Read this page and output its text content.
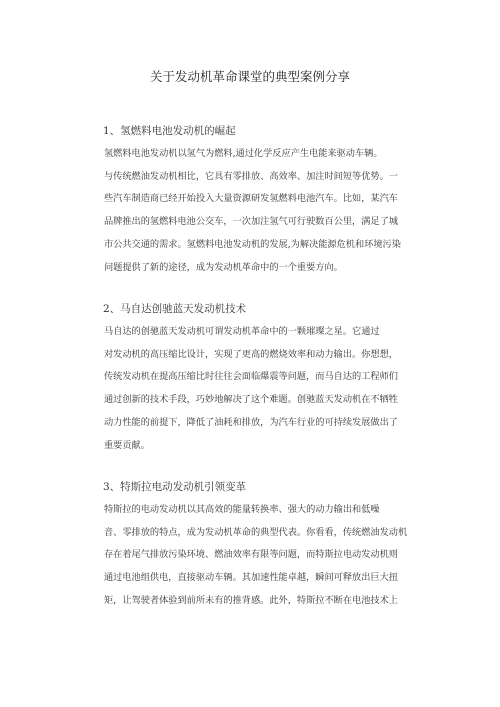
关于发动机革命课堂的典型案例分享
1、氢燃料电池发动机的崛起
氢燃料电池发动机以氢气为燃料,通过化学反应产生电能来驱动车辆。
与传统燃油发动机相比，它具有零排放、高效率、加注时间短等优势。一
些汽车制造商已经开始投入大量资源研发氢燃料电池汽车。比如，某汽车
品牌推出的氢燃料电池公交车，一次加注氢气可行驶数百公里，满足了城
市公共交通的需求。氢燃料电池发动机的发展,为解决能源危机和环境污染
问题提供了新的途径，成为发动机革命中的一个重要方向。
2、马自达创驰蓝天发动机技术
马自达的创驰蓝天发动机可谓发动机革命中的一颗璀璨之星。它通过
对发动机的高压缩比设计，实现了更高的燃烧效率和动力输出。你想想，
传统发动机在提高压缩比时往往会面临爆震等问题，而马自达的工程师们
通过创新的技术手段，巧妙地解决了这个难题。创驰蓝天发动机在不牺牲
动力性能的前提下，降低了油耗和排放，为汽车行业的可持续发展做出了
重要贡献。
3、特斯拉电动发动机引领变革
特斯拉的电动发动机以其高效的能量转换率、强大的动力输出和低噪
音、零排放的特点，成为发动机革命的典型代表。你看看，传统燃油发动机
存在着尾气排放污染环境、燃油效率有限等问题，而特斯拉电动发动机则
通过电池组供电，直接驱动车辆。其加速性能卓越，瞬间可释放出巨大扭
矩，让驾驶者体验到前所未有的推背感。此外，特斯拉不断在电池技术上
